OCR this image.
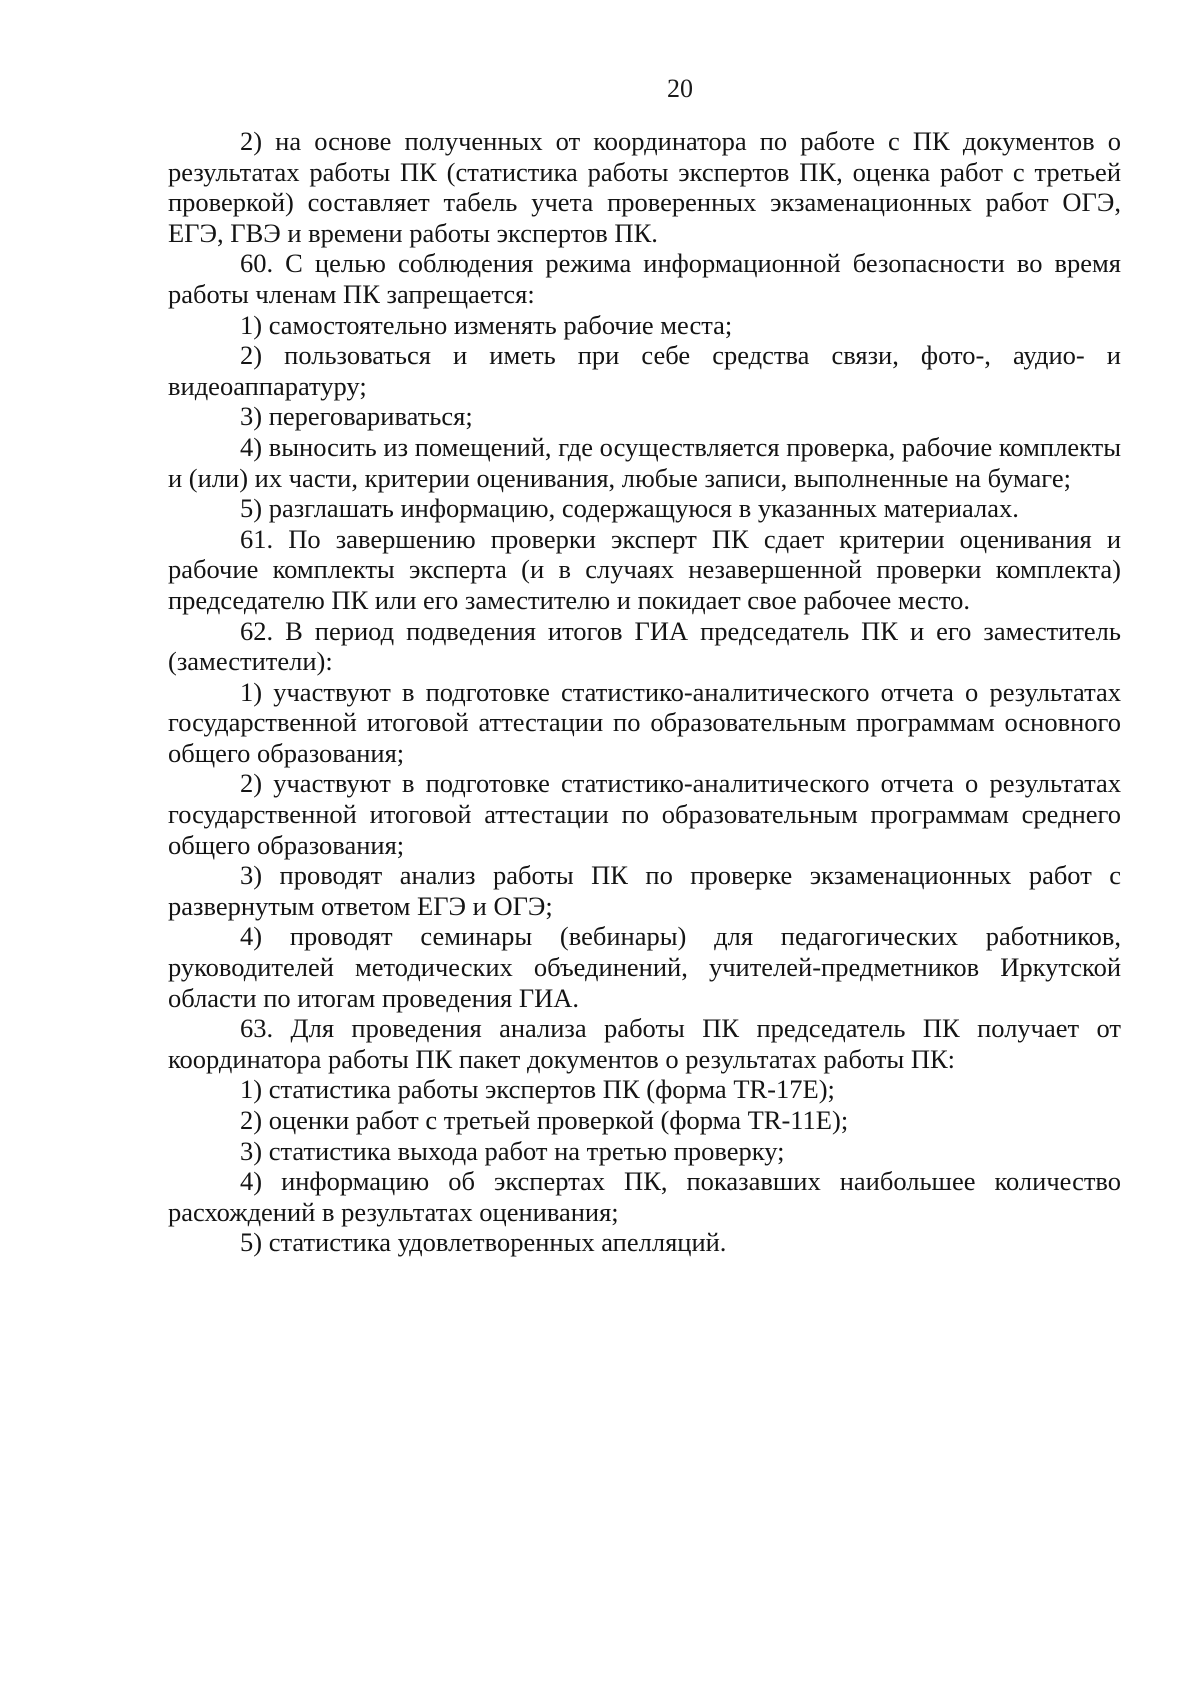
20

2) на основе полученных от координатора по работе с ПК документов о результатах работы ПК (статистика работы экспертов ПК, оценка работ с третьей проверкой) составляет табель учета проверенных экзаменационных работ ОГЭ, ЕГЭ, ГВЭ и времени работы экспертов ПК.

60. С целью соблюдения режима информационной безопасности во время работы членам ПК запрещается:

1) самостоятельно изменять рабочие места;

2) пользоваться и иметь при себе средства связи, фото-, аудио- и видеоаппаратуру;

3) переговариваться;

4) выносить из помещений, где осуществляется проверка, рабочие комплекты и (или) их части, критерии оценивания, любые записи, выполненные на бумаге;

5) разглашать информацию, содержащуюся в указанных материалах.

61. По завершению проверки эксперт ПК сдает критерии оценивания и рабочие комплекты эксперта (и в случаях незавершенной проверки комплекта) председателю ПК или его заместителю и покидает свое рабочее место.

62. В период подведения итогов ГИА председатель ПК и его заместитель (заместители):

1) участвуют в подготовке статистико-аналитического отчета о результатах государственной итоговой аттестации по образовательным программам основного общего образования;

2) участвуют в подготовке статистико-аналитического отчета о результатах государственной итоговой аттестации по образовательным программам среднего общего образования;

3) проводят анализ работы ПК по проверке экзаменационных работ с развернутым ответом ЕГЭ и ОГЭ;

4) проводят семинары (вебинары) для педагогических работников, руководителей методических объединений, учителей-предметников Иркутской области по итогам проведения ГИА.

63. Для проведения анализа работы ПК председатель ПК получает от координатора работы ПК пакет документов о результатах работы ПК:

1) статистика работы экспертов ПК (форма TR-17E);

2) оценки работ с третьей проверкой (форма TR-11E);

3) статистика выхода работ на третью проверку;

4) информацию об экспертах ПК, показавших наибольшее количество расхождений в результатах оценивания;

5) статистика удовлетворенных апелляций.
